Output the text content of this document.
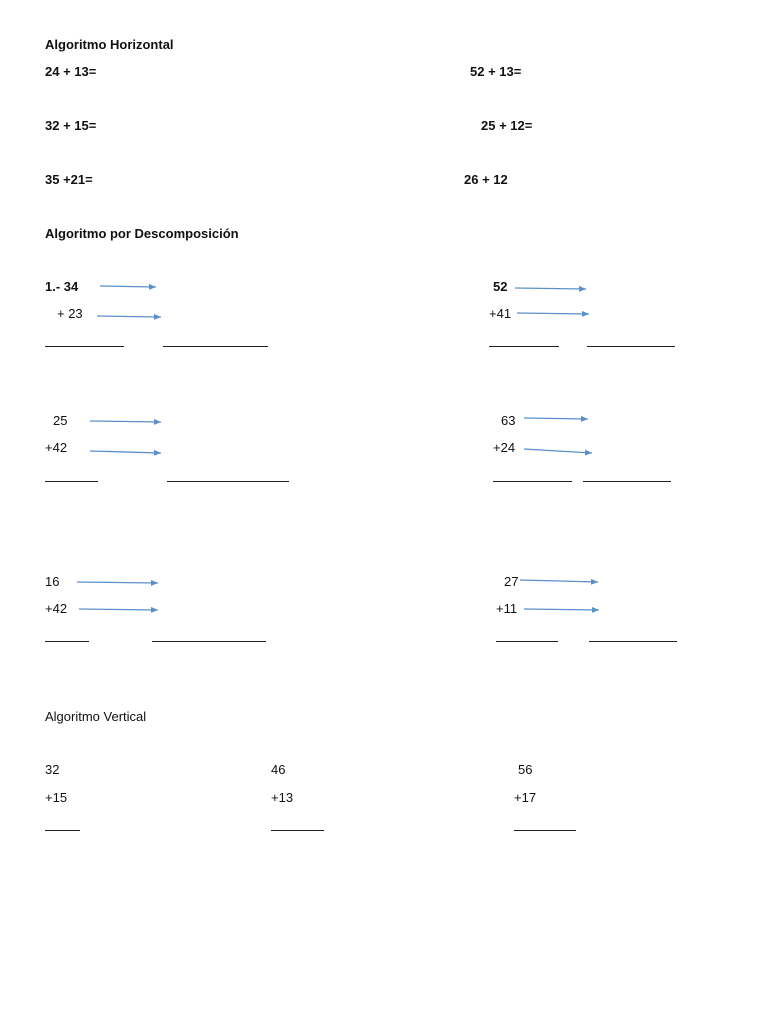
Algoritmo Horizontal
24 + 13=
32 + 15=
35 +21=
52 + 13=
25 + 12=
26 + 12
Algoritmo por Descomposición
1.- 34
+ 23
52
+41
25
+42
63
+24
16
+42
27
+11
Algoritmo Vertical
32
+15
46
+13
56
+17
